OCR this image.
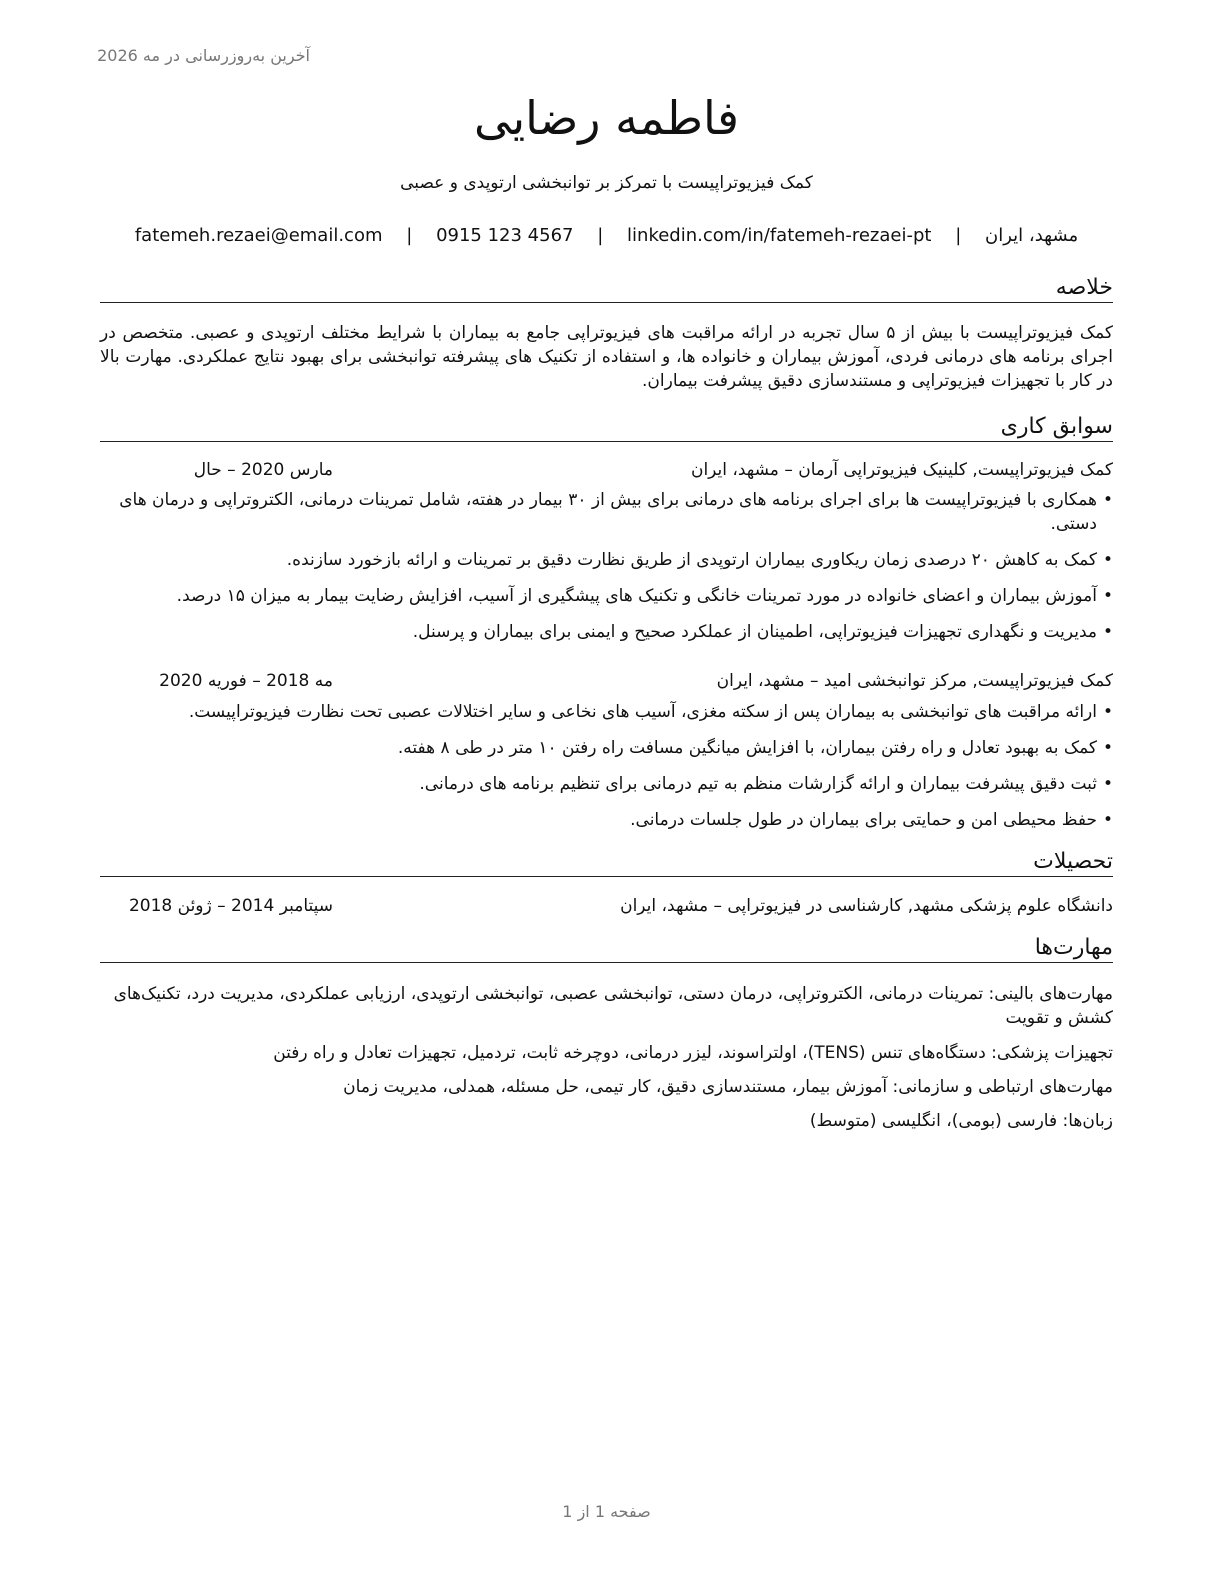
آخرین به‌روزرسانی در مه 2026
فاطمه رضایی
کمک فیزیوتراپیست با تمرکز بر توانبخشی ارتوپدی و عصبی
مشهد، ایران | fatemeh.rezaei@email.com | 0915 123 4567 | linkedin.com/in/fatemeh-rezaei-pt
خلاصه
کمک فیزیوتراپیست با بیش از ۵ سال تجربه در ارائه مراقبت های فیزیوتراپی جامع به بیماران با شرایط مختلف ارتوپدی و عصبی. متخصص در اجرای برنامه های درمانی فردی، آموزش بیماران و خانواده ها، و استفاده از تکنیک های پیشرفته توانبخشی برای بهبود نتایج عملکردی. مهارت بالا در کار با تجهیزات فیزیوتراپی و مستندسازی دقیق پیشرفت بیماران.
سوابق کاری
کمک فیزیوتراپیست, کلینیک فیزیوتراپی آرمان – مشهد، ایران
مارس 2020 – حال
• همکاری با فیزیوتراپیست ها برای اجرای برنامه های درمانی برای بیش از ۳۰ بیمار در هفته، شامل تمرینات درمانی، الکتروتراپی و درمان های دستی.
• کمک به کاهش ۲۰ درصدی زمان ریکاوری بیماران ارتوپدی از طریق نظارت دقیق بر تمرینات و ارائه بازخورد سازنده.
• آموزش بیماران و اعضای خانواده در مورد تمرینات خانگی و تکنیک های پیشگیری از آسیب، افزایش رضایت بیمار به میزان ۱۵ درصد.
• مدیریت و نگهداری تجهیزات فیزیوتراپی، اطمینان از عملکرد صحیح و ایمنی برای بیماران و پرسنل.
کمک فیزیوتراپیست, مرکز توانبخشی امید – مشهد، ایران
مه 2018 – فوریه 2020
• ارائه مراقبت های توانبخشی به بیماران پس از سکته مغزی، آسیب های نخاعی و سایر اختلالات عصبی تحت نظارت فیزیوتراپیست.
• کمک به بهبود تعادل و راه رفتن بیماران، با افزایش میانگین مسافت راه رفتن ۱۰ متر در طی ۸ هفته.
• ثبت دقیق پیشرفت بیماران و ارائه گزارشات منظم به تیم درمانی برای تنظیم برنامه های درمانی.
• حفظ محیطی امن و حمایتی برای بیماران در طول جلسات درمانی.
تحصیلات
دانشگاه علوم پزشکی مشهد, کارشناسی در فیزیوتراپی – مشهد، ایران
سپتامبر 2014 – ژوئن 2018
مهارت‌ها
مهارت‌های بالینی: تمرینات درمانی، الکتروتراپی، درمان دستی، توانبخشی عصبی، توانبخشی ارتوپدی، ارزیابی عملکردی، مدیریت درد، تکنیک‌های کشش و تقویت
تجهیزات پزشکی: دستگاه‌های تنس (TENS)، اولتراسوند، لیزر درمانی، دوچرخه ثابت، تردمیل، تجهیزات تعادل و راه رفتن
مهارت‌های ارتباطی و سازمانی: آموزش بیمار، مستندسازی دقیق، کار تیمی، حل مسئله، همدلی، مدیریت زمان
زبان‌ها: فارسی (بومی)، انگلیسی (متوسط)
صفحه 1 از 1
